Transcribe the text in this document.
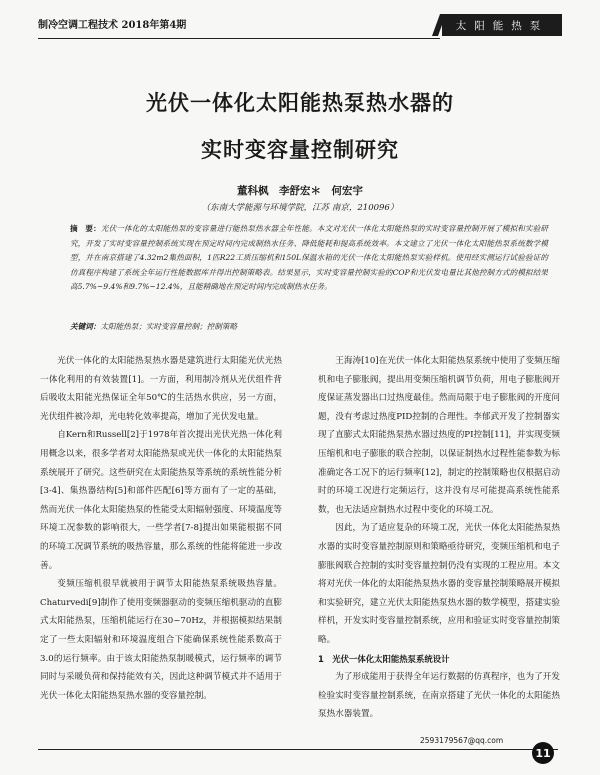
制冷空调工程技术 2018年第4期	太阳能热泵

光伏一体化太阳能热泵热水器的

实时变容量控制研究

董科枫　李舒宏＊　何宏宇
（东南大学能源与环境学院，江苏 南京，210096）
摘　要：光伏一体化的太阳能热泵的变容量进行能热泵热水器全年性能。本文对光伏一体化太阳能热泵的实时变容量控制开展了模拟和实验研究，开发了实时变容量控制系统实现在预定时间内完成制热水任务、降低能耗和提高系统效率。本文建立了光伏一体化太阳能热泵系统数学模型，并在南京搭建了4.32m2集热面积，1匹R22工质压缩机和150L保温水箱的光伏一体化太阳能热泵实验样机。使用经实测运行试验验证的仿真程序构建了系统全年运行性能数据库并得出控制策略表。结果显示，实时变容量控制实验的COP和光伏发电量比其他控制方式的模拟结果高5.7%~9.4%和9.7%~12.4%，且能精确地在预定时间内完成制热水任务。
关键词：太阳能热泵；实时变容量控制；控制策略

光伏一体化的太阳能热泵热水器是建筑进行太阳能光伏光热一体化利用的有效装置[1]。一方面，利用制冷剂从光伏组件背后吸收太阳能光热保证全年50℃的生活热水供应，另一方面，光伏组件被冷却，光电转化效率提高，增加了光伏发电量。

自Kern和Russell[2]于1978年首次提出光伏光热一体化利用概念以来，很多学者对太阳能热泵或光伏一体化的太阳能热泵系统展开了研究。这些研究在太阳能热泵等系统的系统性能分析[3-4]、集热器结构[5]和部件匹配[6]等方面有了一定的基础，然而光伏一体化太阳能热泵的性能受太阳辐射强度、环境温度等环境工况参数的影响很大，一些学者[7-8]提出如果能根据不同的环境工况调节系统的吸热容量，那么系统的性能将能进一步改善。

变频压缩机很早就被用于调节太阳能热泵系统吸热容量。Chaturvedi[9]制作了使用变频器驱动的变频压缩机驱动的直膨式太阳能热泵，压缩机能运行在30~70Hz，并根据模拟结果制定了一些太阳辐射和环境温度组合下能确保系统性能系数高于3.0的运行频率。由于该太阳能热泵制暖模式，运行频率的调节同时与采暖负荷和保持能效有关，因此这种调节模式并不适用于光伏一体化太阳能热泵热水器的变容量控制。

王海涛[10]在光伏一体化太阳能热泵系统中使用了变频压缩机和电子膨胀阀，提出用变频压缩机调节负荷，用电子膨胀阀开度保证蒸发器出口过热度最佳。然而局限于电子膨胀阀的开度问题，没有考虑过热度PID控制的合理性。李郁武开发了控制器实现了直膨式太阳能热泵热水器过热度的PI控制[11]，并实现变频压缩机和电子膨胀的联合控制，以保证制热水过程性能参数为标准确定各工况下的运行频率[12]，制定的控制策略也仅根据启动时的环境工况进行定频运行，这并没有尽可能提高系统性能系数，也无法适应制热水过程中变化的环境工况。

因此，为了适应复杂的环境工况，光伏一体化太阳能热泵热水器的实时变容量控制原则和策略亟待研究，变频压缩机和电子膨胀阀联合控制的实时变容量控制仍没有实现的工程应用。本文将对光伏一体化的太阳能热泵热水器的变容量控制策略展开模拟和实验研究，建立光伏太阳能热泵热水器的数学模型，搭建实验样机，开发实时变容量控制系统，应用和验证实时变容量控制策略。

1　光伏一体化太阳能热泵系统设计

为了形成能用于获得全年运行数据的仿真程序，也为了开发检验实时变容量控制系统，在南京搭建了光伏一体化的太阳能热泵热水器装置。

2593179567@qq.com
11
